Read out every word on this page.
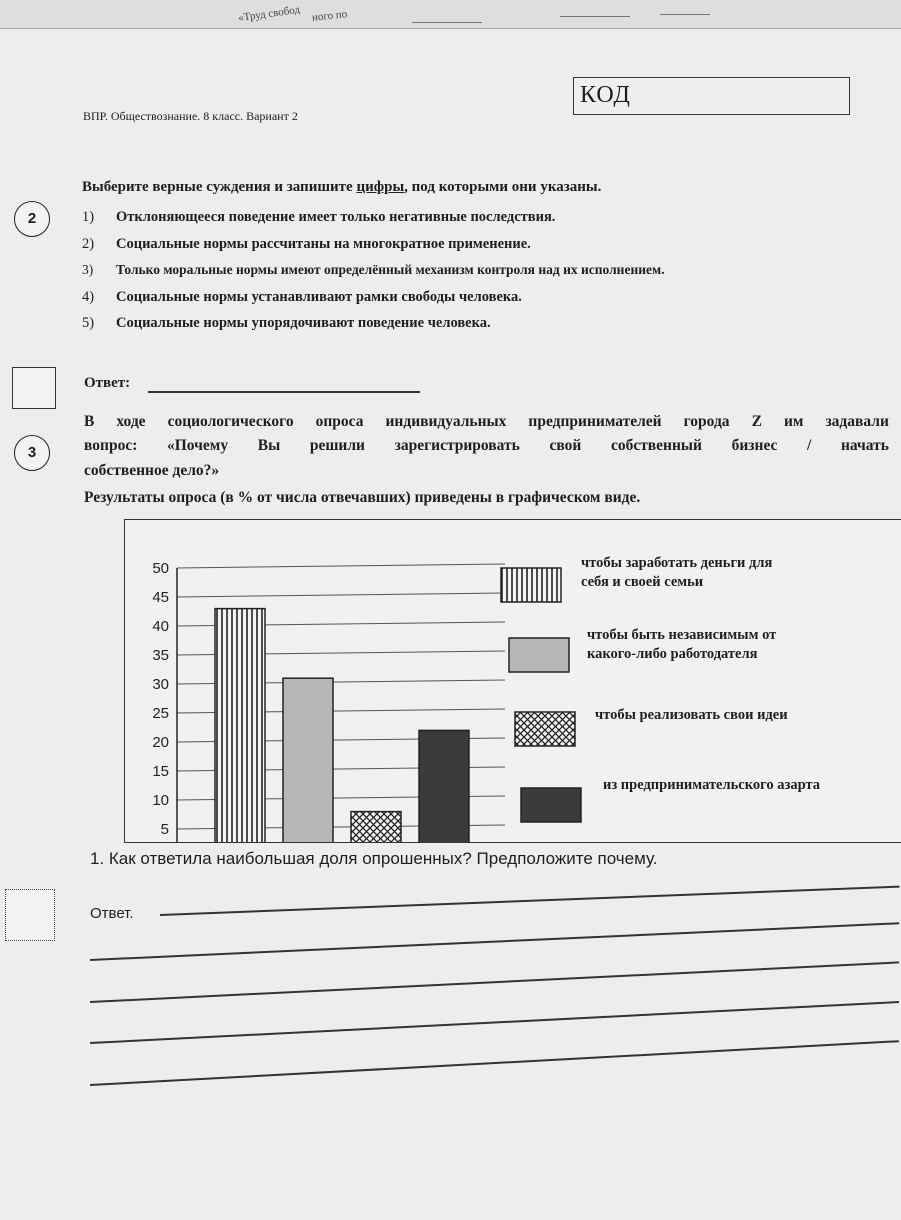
«Труд свобод ного по
ВПР. Обществознание. 8 класс. Вариант 2
КОД
2
Выберите верные суждения и запишите цифры, под которыми они указаны.
1) Отклоняющееся поведение имеет только негативные последствия.
2) Социальные нормы рассчитаны на многократное применение.
3) Только моральные нормы имеют определённый механизм контроля над их исполнением.
4) Социальные нормы устанавливают рамки свободы человека.
5) Социальные нормы упорядочивают поведение человека.
Ответ:
3
В ходе социологического опроса индивидуальных предпринимателей города Z им задавали
вопрос: «Почему Вы решили зарегистрировать свой собственный бизнес / начать
собственное дело?»
Результаты опроса (в % от числа отвечавших) приведены в графическом виде.
5
10
15
20
25
30
35
40
45
50	чтобы заработать деньги для
себя и своей семьи
чтобы быть независимым от
какого-либо работодателя
чтобы реализовать свои идеи
из предпринимательского азарта
1. Как ответила наибольшая доля опрошенных? Предположите почему.
Ответ.
